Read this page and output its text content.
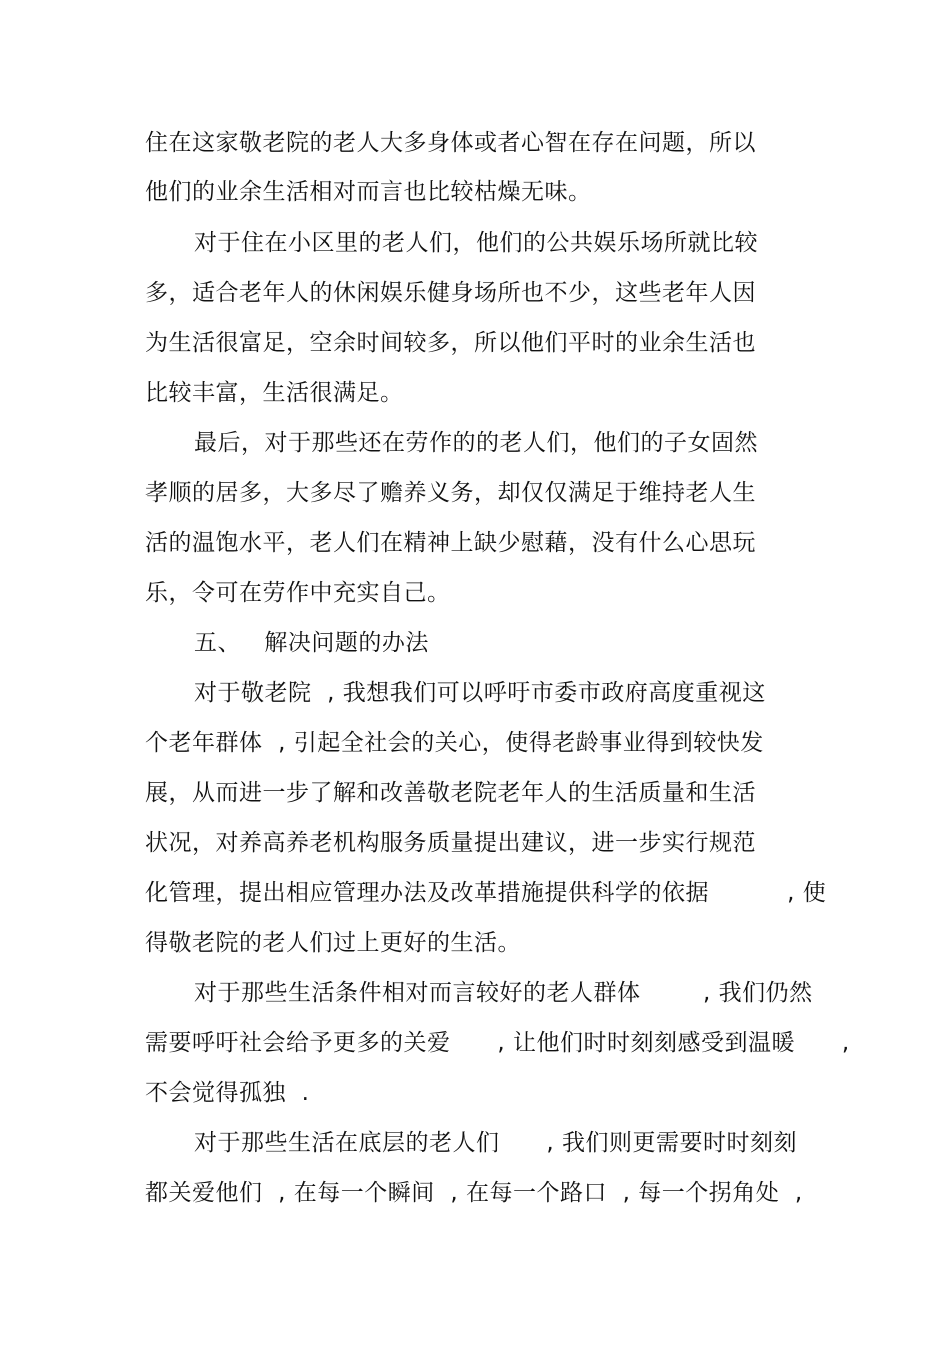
住在这家敬老院的老人大多身体或者心智在存在问题，所以
他们的业余生活相对而言也比较枯燥无味。
对于住在小区里的老人们，他们的公共娱乐场所就比较
多，适合老年人的休闲娱乐健身场所也不少，这些老年人因
为生活很富足，空余时间较多，所以他们平时的业余生活也
比较丰富，生活很满足。
最后，对于那些还在劳作的的老人们，他们的子女固然
孝顺的居多，大多尽了赡养义务，却仅仅满足于维持老人生
活的温饱水平，老人们在精神上缺少慰藉，没有什么心思玩
乐，令可在劳作中充实自己。
五、   解决问题的办法
对于敬老院  , 我想我们可以呼吁市委市政府高度重视这
个老年群体  , 引起全社会的关心，使得老龄事业得到较快发
展，从而进一步了解和改善敬老院老年人的生活质量和生活
状况，对养高养老机构服务质量提出建议，进一步实行规范
化管理，提出相应管理办法及改革措施提供科学的依据          , 使
得敬老院的老人们过上更好的生活。
对于那些生活条件相对而言较好的老人群体        , 我们仍然
需要呼吁社会给予更多的关爱      , 让他们时时刻刻感受到温暖      ,
不会觉得孤独  .
对于那些生活在底层的老人们      , 我们则更需要时时刻刻
都关爱他们  , 在每一个瞬间  , 在每一个路口  , 每一个拐角处  ,
